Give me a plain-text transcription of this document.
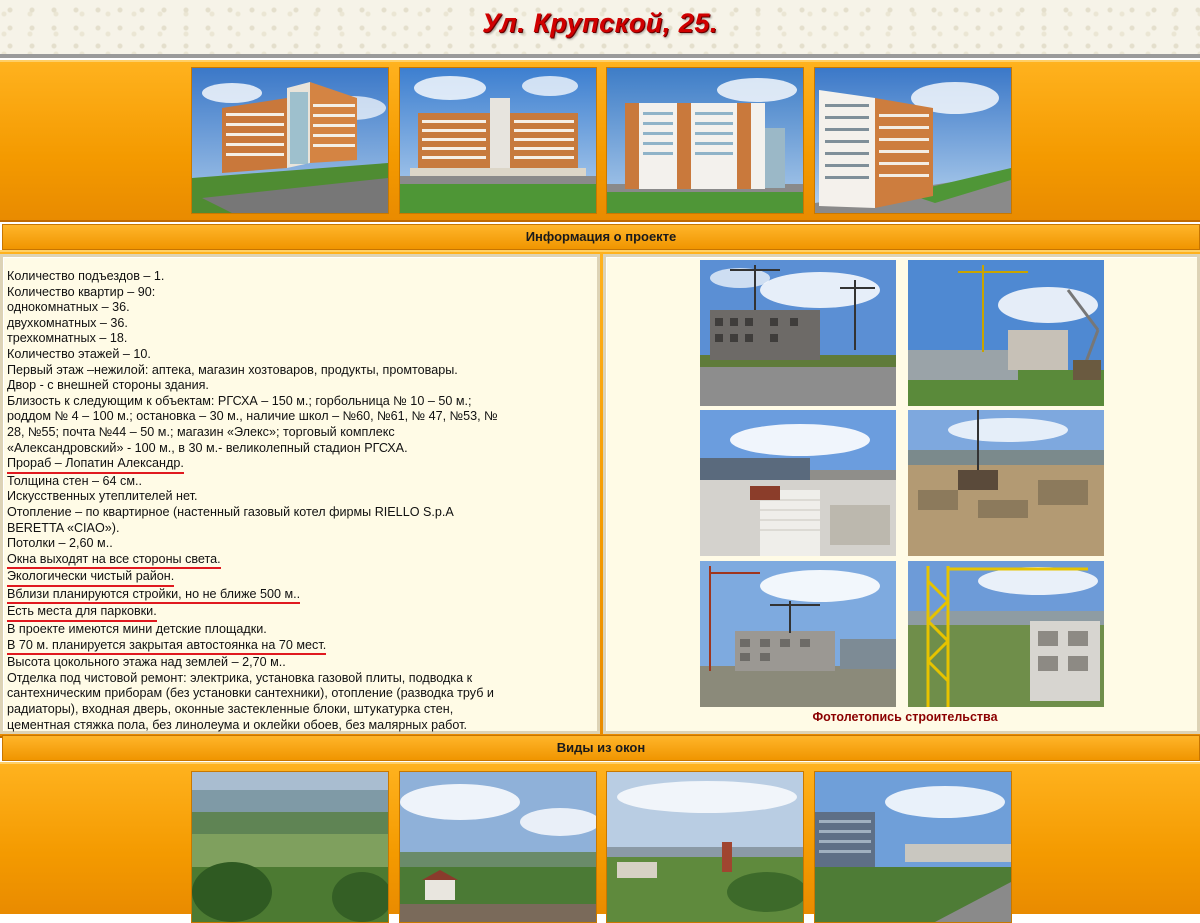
Ул. Крупской, 25.
Информация о проекте
Количество подъездов – 1.
Количество квартир – 90:
однокомнатных – 36.
двухкомнатных – 36.
трехкомнатных – 18.
Количество этажей – 10.
Первый этаж –нежилой: аптека, магазин хозтоваров, продукты, промтовары.
Двор - с внешней стороны здания.
Близость к следующим к объектам: РГСХА – 150 м.; горбольница № 10 – 50 м.;
роддом № 4 – 100 м.; остановка – 30 м., наличие школ – №60, №61, № 47, №53, №
28, №55; почта №44 – 50 м.; магазин «Элекс»; торговый комплекс
«Александровский» - 100 м., в 30 м.- великолепный стадион РГСХА.
Прораб – Лопатин Александр.
Толщина стен – 64 см..
Искусственных утеплителей нет.
Отопление – по квартирное (настенный газовый котел фирмы RIELLO S.p.A
BERETTA «CIAO»).
Потолки – 2,60 м..
Окна выходят на все стороны света.
Экологически чистый район.
Вблизи планируются стройки, но не ближе 500 м..
Есть места для парковки.
В проекте имеются мини детские площадки.
В 70 м. планируется закрытая автостоянка на 70 мест.
Высота цокольного этажа над землей – 2,70 м..
Отделка под чистовой ремонт: электрика, установка газовой плиты, подводка к
сантехническим приборам (без установки сантехники), отопление (разводка труб и
радиаторы), входная дверь, оконные застекленные блоки, штукатурка стен,
цементная стяжка пола, без линолеума и оклейки обоев, без малярных работ.
Фотолетопись строительства
Виды из окон
